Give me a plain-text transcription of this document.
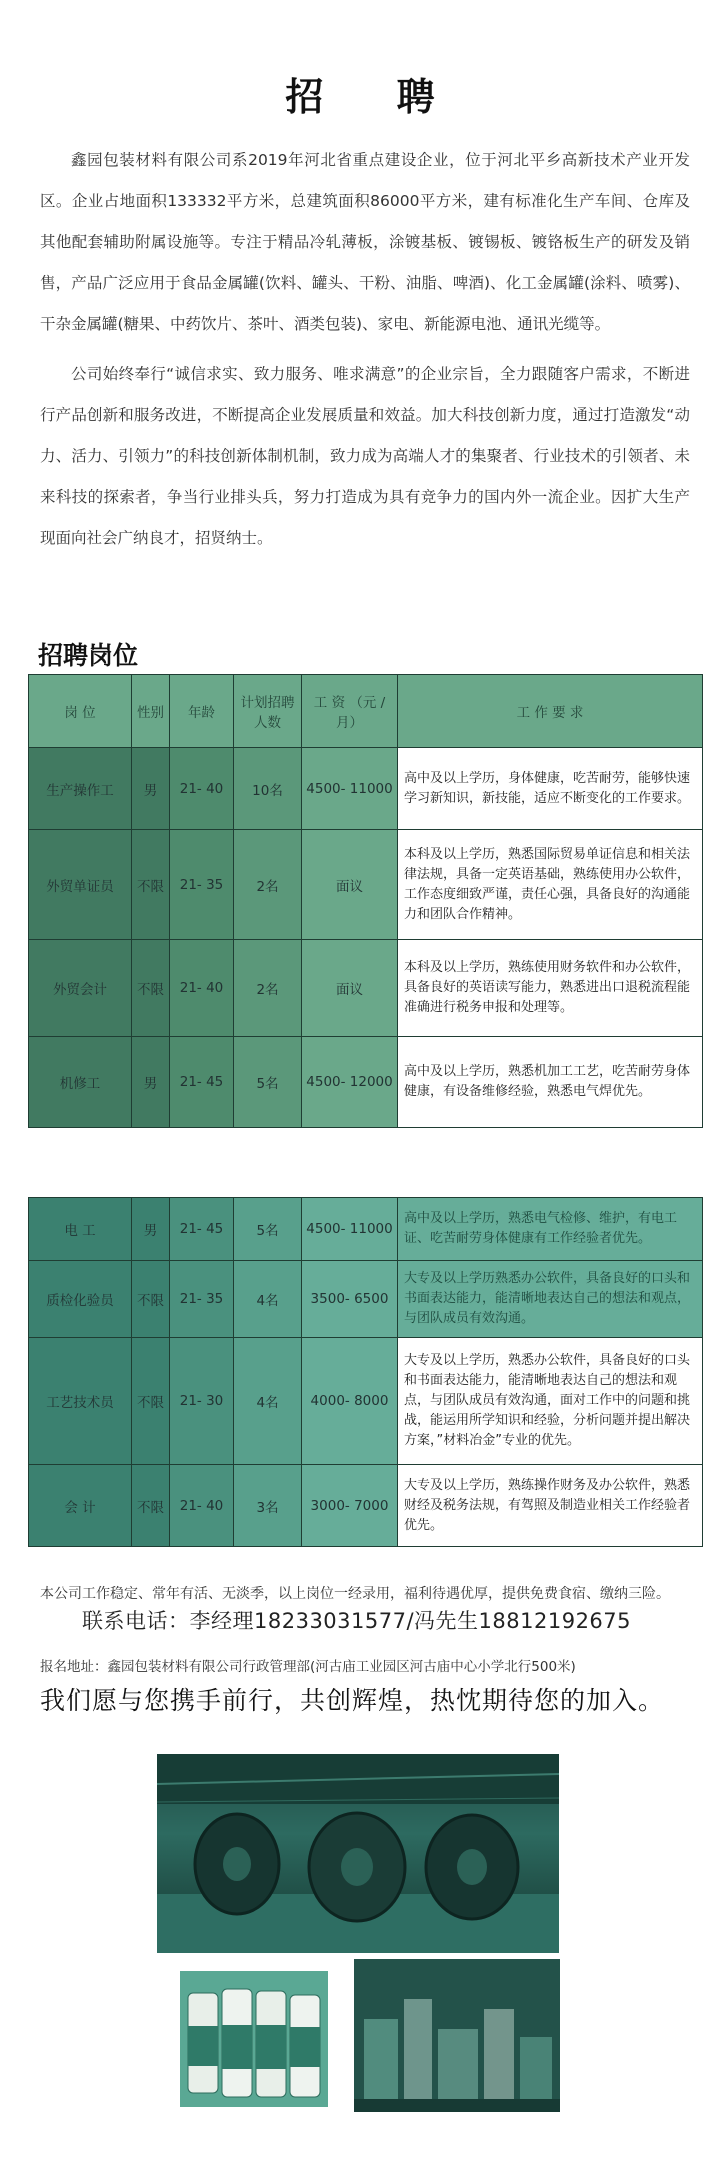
招 聘

鑫园包装材料有限公司系2019年河北省重点建设企业，位于河北平乡高新技术产业开发区。企业占地面积133332平方米，总建筑面积86000平方米，建有标准化生产车间、仓库及其他配套辅助附属设施等。专注于精品冷轧薄板，涂镀基板、镀锡板、镀铬板生产的研发及销售，产品广泛应用于食品金属罐(饮料、罐头、干粉、油脂、啤酒)、化工金属罐(涂料、喷雾)、干杂金属罐(糖果、中药饮片、茶叶、酒类包装)、家电、新能源电池、通讯光缆等。

公司始终奉行“诚信求实、致力服务、唯求满意”的企业宗旨，全力跟随客户需求，不断进行产品创新和服务改进，不断提高企业发展质量和效益。加大科技创新力度，通过打造激发“动力、活力、引领力”的科技创新体制机制，致力成为高端人才的集聚者、行业技术的引领者、未来科技的探索者，争当行业排头兵，努力打造成为具有竞争力的国内外一流企业。因扩大生产现面向社会广纳良才，招贤纳士。

招聘岗位
岗 位	性别	年龄	计划招聘人数	工 资 （元 / 月）	工 作 要 求
生产操作工	男	21- 40	10名	4500- 11000	高中及以上学历，身体健康，吃苦耐劳，能够快速学习新知识，新技能，适应不断变化的工作要求。
外贸单证员	不限	21- 35	2名	面议	本科及以上学历，熟悉国际贸易单证信息和相关法律法规，具备一定英语基础，熟练使用办公软件，工作态度细致严谨，责任心强，具备良好的沟通能力和团队合作精神。
外贸会计	不限	21- 40	2名	面议	本科及以上学历，熟练使用财务软件和办公软件，具备良好的英语读写能力，熟悉进出口退税流程能准确进行税务申报和处理等。
机修工	男	21- 45	5名	4500- 12000	高中及以上学历，熟悉机加工工艺，吃苦耐劳身体健康，有设备维修经验，熟悉电气焊优先。
电 工	男	21- 45	5名	4500- 11000	高中及以上学历，熟悉电气检修、维护，有电工证、吃苦耐劳身体健康有工作经验者优先。
质检化验员	不限	21- 35	4名	3500- 6500	大专及以上学历熟悉办公软件，具备良好的口头和书面表达能力，能清晰地表达自己的想法和观点，与团队成员有效沟通。
工艺技术员	不限	21- 30	4名	4000- 8000	大专及以上学历，熟悉办公软件，具备良好的口头和书面表达能力，能清晰地表达自己的想法和观点，与团队成员有效沟通，面对工作中的问题和挑战，能运用所学知识和经验，分析问题并提出解决方案，”材料冶金”专业的优先。
会 计	不限	21- 40	3名	3000- 7000	大专及以上学历，熟练操作财务及办公软件，熟悉财经及税务法规，有驾照及制造业相关工作经验者优先。
本公司工作稳定、常年有活、无淡季，以上岗位一经录用，福利待遇优厚，提供免费食宿、缴纳三险。
联系电话：李经理18233031577/冯先生18812192675
报名地址：鑫园包装材料有限公司行政管理部(河古庙工业园区河古庙中心小学北行500米)
我们愿与您携手前行，共创辉煌，热忱期待您的加入。
